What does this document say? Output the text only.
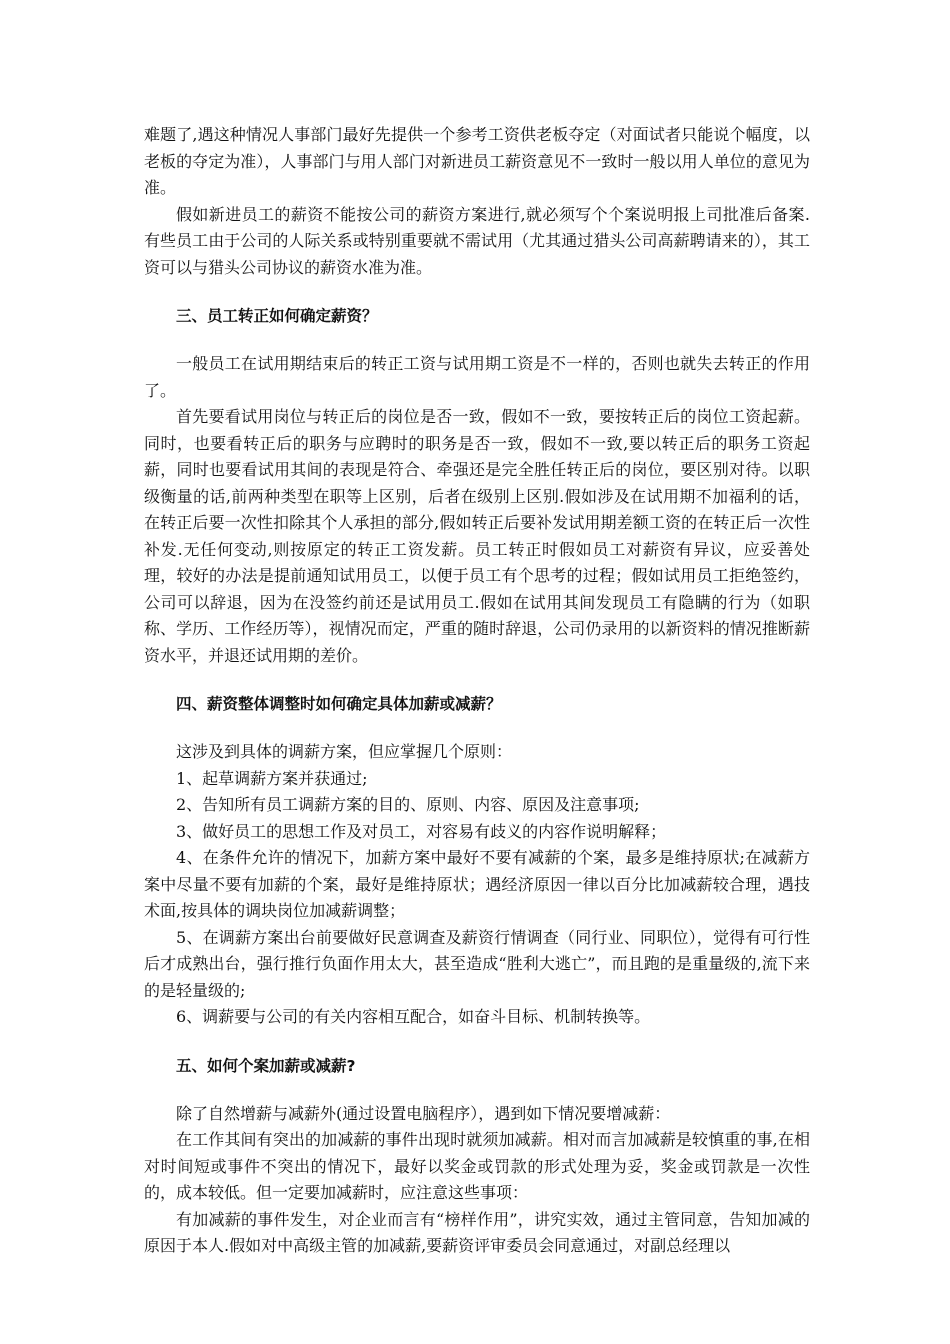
难题了,遇这种情况人事部门最好先提供一个参考工资供老板夺定（对面试者只能说个幅度，以老板的夺定为准），人事部门与用人部门对新进员工薪资意见不一致时一般以用人单位的意见为准。

假如新进员工的薪资不能按公司的薪资方案进行,就必须写个个案说明报上司批准后备案.有些员工由于公司的人际关系或特别重要就不需试用（尤其通过猎头公司高薪聘请来的），其工资可以与猎头公司协议的薪资水准为准。

三、员工转正如何确定薪资？

一般员工在试用期结束后的转正工资与试用期工资是不一样的，否则也就失去转正的作用了。

首先要看试用岗位与转正后的岗位是否一致，假如不一致，要按转正后的岗位工资起薪。同时，也要看转正后的职务与应聘时的职务是否一致，假如不一致,要以转正后的职务工资起薪，同时也要看试用其间的表现是符合、牵强还是完全胜任转正后的岗位，要区别对待。以职级衡量的话,前两种类型在职等上区别，后者在级别上区别.假如涉及在试用期不加福利的话，在转正后要一次性扣除其个人承担的部分,假如转正后要补发试用期差额工资的在转正后一次性补发.无任何变动,则按原定的转正工资发薪。员工转正时假如员工对薪资有异议，应妥善处理，较好的办法是提前通知试用员工，以便于员工有个思考的过程；假如试用员工拒绝签约，公司可以辞退，因为在没签约前还是试用员工.假如在试用其间发现员工有隐瞒的行为（如职称、学历、工作经历等），视情况而定，严重的随时辞退，公司仍录用的以新资料的情况推断薪资水平，并退还试用期的差价。

四、薪资整体调整时如何确定具体加薪或减薪？

这涉及到具体的调薪方案，但应掌握几个原则：

1、起草调薪方案并获通过;

2、告知所有员工调薪方案的目的、原则、内容、原因及注意事项;

3、做好员工的思想工作及对员工，对容易有歧义的内容作说明解释；

4、在条件允许的情况下，加薪方案中最好不要有减薪的个案，最多是维持原状;在减薪方案中尽量不要有加薪的个案，最好是维持原状；遇经济原因一律以百分比加减薪较合理，遇技术面,按具体的调块岗位加减薪调整；

5、在调薪方案出台前要做好民意调查及薪资行情调查（同行业、同职位），觉得有可行性后才成熟出台，强行推行负面作用太大，甚至造成“胜利大逃亡”，而且跑的是重量级的,流下来的是轻量级的;

6、调薪要与公司的有关内容相互配合，如奋斗目标、机制转换等。

五、如何个案加薪或减薪?

除了自然增薪与减薪外(通过设置电脑程序），遇到如下情况要增减薪：

在工作其间有突出的加减薪的事件出现时就须加减薪。相对而言加减薪是较慎重的事,在相对时间短或事件不突出的情况下，最好以奖金或罚款的形式处理为妥，奖金或罚款是一次性的，成本较低。但一定要加减薪时，应注意这些事项：

有加减薪的事件发生，对企业而言有“榜样作用”，讲究实效，通过主管同意，告知加减的原因于本人.假如对中高级主管的加减薪,要薪资评审委员会同意通过，对副总经理以
